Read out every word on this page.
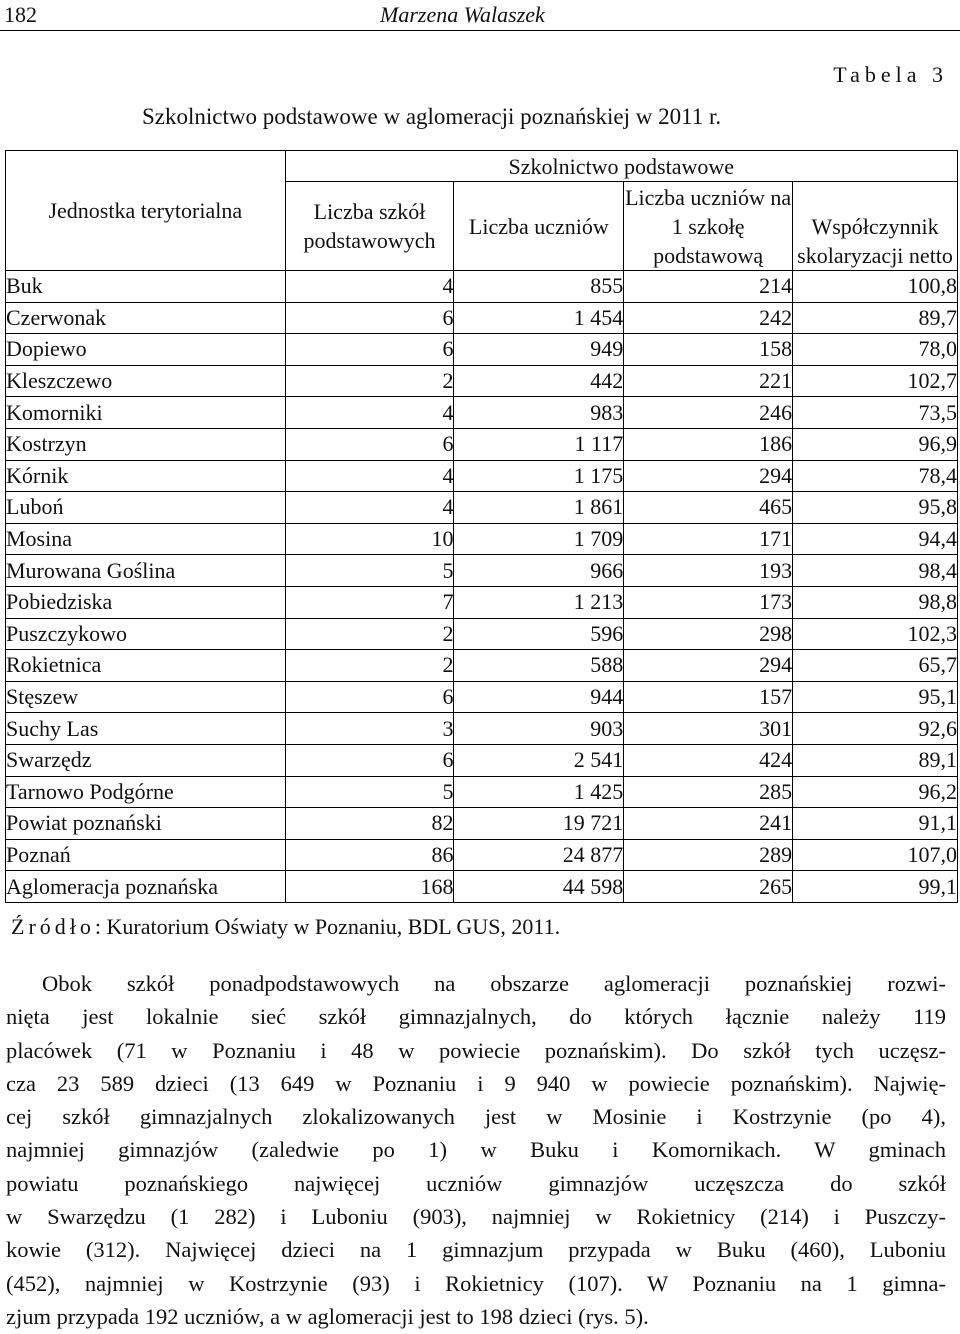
182	Marzena Walaszek
Tabela 3
Szkolnictwo podstawowe w aglomeracji poznańskiej w 2011 r.
Jednostka terytorialna	Szkolnictwo podstawowe			
	Liczba szkół podstawowych	Liczba uczniów	Liczba uczniów na 1 szkołę podstawową	Współczynnik skolaryzacji netto
Buk	4	855	214	100,8
Czerwonak	6	1 454	242	89,7
Dopiewo	6	949	158	78,0
Kleszczewo	2	442	221	102,7
Komorniki	4	983	246	73,5
Kostrzyn	6	1 117	186	96,9
Kórnik	4	1 175	294	78,4
Luboń	4	1 861	465	95,8
Mosina	10	1 709	171	94,4
Murowana Goślina	5	966	193	98,4
Pobiedziska	7	1 213	173	98,8
Puszczykowo	2	596	298	102,3
Rokietnica	2	588	294	65,7
Stęszew	6	944	157	95,1
Suchy Las	3	903	301	92,6
Swarzędz	6	2 541	424	89,1
Tarnowo Podgórne	5	1 425	285	96,2
Powiat poznański	82	19 721	241	91,1
Poznań	86	24 877	289	107,0
Aglomeracja poznańska	168	44 598	265	99,1
Źródło: Kuratorium Oświaty w Poznaniu, BDL GUS, 2011.

Obok szkół ponadpodstawowych na obszarze aglomeracji poznańskiej rozwi-
nięta jest lokalnie sieć szkół gimnazjalnych, do których łącznie należy 119
placówek (71 w Poznaniu i 48 w powiecie poznańskim). Do szkół tych uczęsz-
cza 23 589 dzieci (13 649 w Poznaniu i 9 940 w powiecie poznańskim). Najwię-
cej szkół gimnazjalnych zlokalizowanych jest w Mosinie i Kostrzynie (po 4),
najmniej gimnazjów (zaledwie po 1) w Buku i Komornikach. W gminach
powiatu poznańskiego najwięcej uczniów gimnazjów uczęszcza do szkół
w Swarzędzu (1 282) i Luboniu (903), najmniej w Rokietnicy (214) i Puszczy-
kowie (312). Najwięcej dzieci na 1 gimnazjum przypada w Buku (460), Luboniu
(452), najmniej w Kostrzynie (93) i Rokietnicy (107). W Poznaniu na 1 gimna-
zjum przypada 192 uczniów, a w aglomeracji jest to 198 dzieci (rys. 5).
